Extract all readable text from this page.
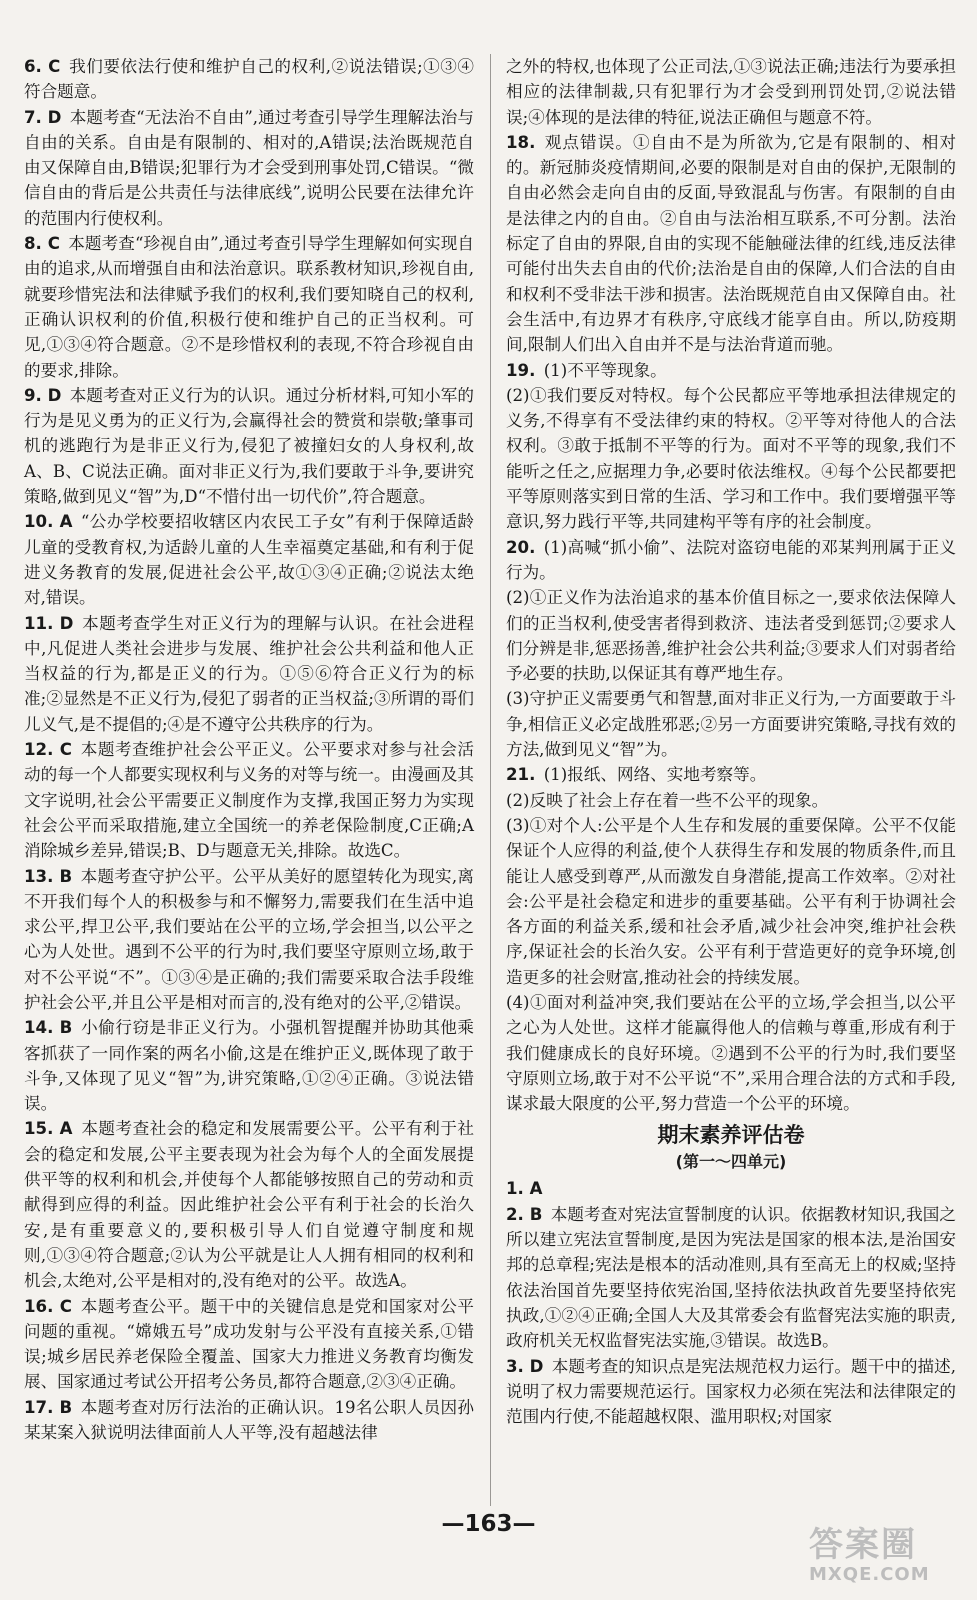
6. C  我们要依法行使和维护自己的权利,②说法错误;①③④符合题意。

7. D  本题考查“无法治不自由”,通过考查引导学生理解法治与自由的关系。自由是有限制的、相对的,A错误;法治既规范自由又保障自由,B错误;犯罪行为才会受到刑事处罚,C错误。“微信自由的背后是公共责任与法律底线”,说明公民要在法律允许的范围内行使权利。

8. C  本题考查“珍视自由”,通过考查引导学生理解如何实现自由的追求,从而增强自由和法治意识。联系教材知识,珍视自由,就要珍惜宪法和法律赋予我们的权利,我们要知晓自己的权利,正确认识权利的价值,积极行使和维护自己的正当权利。可见,①③④符合题意。②不是珍惜权利的表现,不符合珍视自由的要求,排除。

9. D  本题考查对正义行为的认识。通过分析材料,可知小军的行为是见义勇为的正义行为,会赢得社会的赞赏和崇敬;肇事司机的逃跑行为是非正义行为,侵犯了被撞妇女的人身权利,故A、B、C说法正确。面对非正义行为,我们要敢于斗争,要讲究策略,做到见义“智”为,D“不惜付出一切代价”,符合题意。

10. A  “公办学校要招收辖区内农民工子女”有利于保障适龄儿童的受教育权,为适龄儿童的人生幸福奠定基础,和有利于促进义务教育的发展,促进社会公平,故①③④正确;②说法太绝对,错误。

11. D  本题考查学生对正义行为的理解与认识。在社会进程中,凡促进人类社会进步与发展、维护社会公共利益和他人正当权益的行为,都是正义的行为。①⑤⑥符合正义行为的标准;②显然是不正义行为,侵犯了弱者的正当权益;③所谓的哥们儿义气,是不提倡的;④是不遵守公共秩序的行为。

12. C  本题考查维护社会公平正义。公平要求对参与社会活动的每一个人都要实现权利与义务的对等与统一。由漫画及其文字说明,社会公平需要正义制度作为支撑,我国正努力为实现社会公平而采取措施,建立全国统一的养老保险制度,C正确;A消除城乡差异,错误;B、D与题意无关,排除。故选C。

13. B  本题考查守护公平。公平从美好的愿望转化为现实,离不开我们每个人的积极参与和不懈努力,需要我们在生活中追求公平,捍卫公平,我们要站在公平的立场,学会担当,以公平之心为人处世。遇到不公平的行为时,我们要坚守原则立场,敢于对不公平说“不”。①③④是正确的;我们需要采取合法手段维护社会公平,并且公平是相对而言的,没有绝对的公平,②错误。

14. B  小偷行窃是非正义行为。小强机智提醒并协助其他乘客抓获了一同作案的两名小偷,这是在维护正义,既体现了敢于斗争,又体现了见义“智”为,讲究策略,①②④正确。③说法错误。

15. A  本题考查社会的稳定和发展需要公平。公平有利于社会的稳定和发展,公平主要表现为社会为每个人的全面发展提供平等的权利和机会,并使每个人都能够按照自己的劳动和贡献得到应得的利益。因此维护社会公平有利于社会的长治久安,是有重要意义的,要积极引导人们自觉遵守制度和规则,①③④符合题意;②认为公平就是让人人拥有相同的权利和机会,太绝对,公平是相对的,没有绝对的公平。故选A。

16. C  本题考查公平。题干中的关键信息是党和国家对公平问题的重视。“嫦娥五号”成功发射与公平没有直接关系,①错误;城乡居民养老保险全覆盖、国家大力推进义务教育均衡发展、国家通过考试公开招考公务员,都符合题意,②③④正确。

17. B  本题考查对厉行法治的正确认识。19名公职人员因孙某某案入狱说明法律面前人人平等,没有超越法律

之外的特权,也体现了公正司法,①③说法正确;违法行为要承担相应的法律制裁,只有犯罪行为才会受到刑罚处罚,②说法错误;④体现的是法律的特征,说法正确但与题意不符。

18.  观点错误。①自由不是为所欲为,它是有限制的、相对的。新冠肺炎疫情期间,必要的限制是对自由的保护,无限制的自由必然会走向自由的反面,导致混乱与伤害。有限制的自由是法律之内的自由。②自由与法治相互联系,不可分割。法治标定了自由的界限,自由的实现不能触碰法律的红线,违反法律可能付出失去自由的代价;法治是自由的保障,人们合法的自由和权利不受非法干涉和损害。法治既规范自由又保障自由。社会生活中,有边界才有秩序,守底线才能享自由。所以,防疫期间,限制人们出入自由并不是与法治背道而驰。

19.  (1)不平等现象。

(2)①我们要反对特权。每个公民都应平等地承担法律规定的义务,不得享有不受法律约束的特权。②平等对待他人的合法权利。③敢于抵制不平等的行为。面对不平等的现象,我们不能听之任之,应据理力争,必要时依法维权。④每个公民都要把平等原则落实到日常的生活、学习和工作中。我们要增强平等意识,努力践行平等,共同建构平等有序的社会制度。

20.  (1)高喊“抓小偷”、法院对盗窃电能的邓某判刑属于正义行为。

(2)①正义作为法治追求的基本价值目标之一,要求依法保障人们的正当权利,使受害者得到救济、违法者受到惩罚;②要求人们分辨是非,惩恶扬善,维护社会公共利益;③要求人们对弱者给予必要的扶助,以保证其有尊严地生存。

(3)守护正义需要勇气和智慧,面对非正义行为,一方面要敢于斗争,相信正义必定战胜邪恶;②另一方面要讲究策略,寻找有效的方法,做到见义“智”为。

21.  (1)报纸、网络、实地考察等。

(2)反映了社会上存在着一些不公平的现象。

(3)①对个人:公平是个人生存和发展的重要保障。公平不仅能保证个人应得的利益,使个人获得生存和发展的物质条件,而且能让人感受到尊严,从而激发自身潜能,提高工作效率。②对社会:公平是社会稳定和进步的重要基础。公平有利于协调社会各方面的利益关系,缓和社会矛盾,减少社会冲突,维护社会秩序,保证社会的长治久安。公平有利于营造更好的竞争环境,创造更多的社会财富,推动社会的持续发展。

(4)①面对利益冲突,我们要站在公平的立场,学会担当,以公平之心为人处世。这样才能赢得他人的信赖与尊重,形成有利于我们健康成长的良好环境。②遇到不公平的行为时,我们要坚守原则立场,敢于对不公平说“不”,采用合理合法的方式和手段,谋求最大限度的公平,努力营造一个公平的环境。

期末素养评估卷
(第一～四单元)

1. A 

2. B  本题考查对宪法宣誓制度的认识。依据教材知识,我国之所以建立宪法宣誓制度,是因为宪法是国家的根本法,是治国安邦的总章程;宪法是根本的活动准则,具有至高无上的权威;坚持依法治国首先要坚持依宪治国,坚持依法执政首先要坚持依宪执政,①②④正确;全国人大及其常委会有监督宪法实施的职责,政府机关无权监督宪法实施,③错误。故选B。

3. D  本题考查的知识点是宪法规范权力运行。题干中的描述,说明了权力需要规范运行。国家权力必须在宪法和法律限定的范围内行使,不能超越权限、滥用职权;对国家

—163—
答案圈
MXQE.COM
